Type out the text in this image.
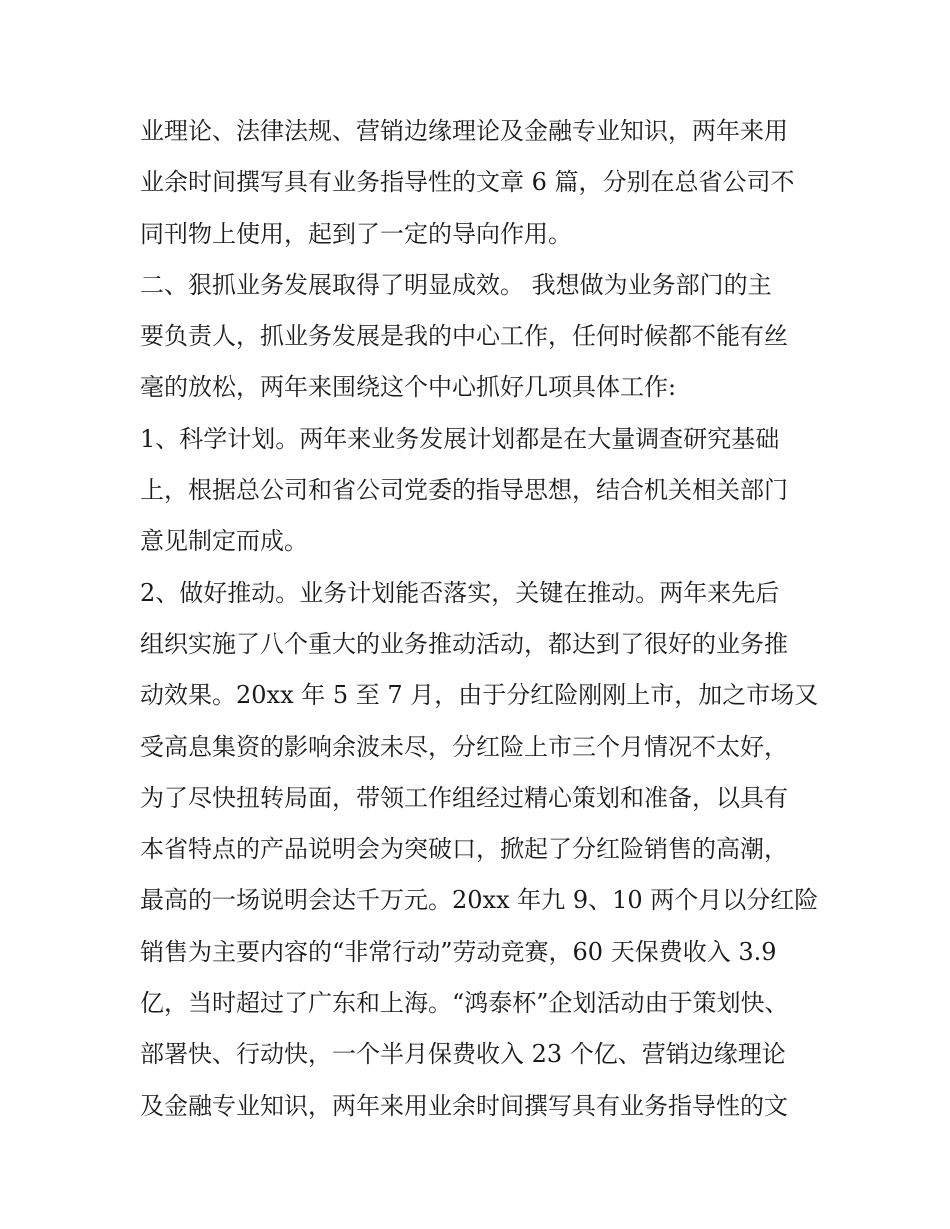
业理论、法律法规、营销边缘理论及金融专业知识，两年来用
业余时间撰写具有业务指导性的文章 6 篇，分别在总省公司不
同刊物上使用，起到了一定的导向作用。
二、狠抓业务发展取得了明显成效。 我想做为业务部门的主
要负责人，抓业务发展是我的中心工作，任何时候都不能有丝
毫的放松，两年来围绕这个中心抓好几项具体工作:
1、科学计划。两年来业务发展计划都是在大量调查研究基础
上，根据总公司和省公司党委的指导思想，结合机关相关部门
意见制定而成。
2、做好推动。业务计划能否落实，关键在推动。两年来先后
组织实施了八个重大的业务推动活动，都达到了很好的业务推
动效果。20xx 年 5 至 7 月，由于分红险刚刚上市，加之市场又
受高息集资的影响余波未尽，分红险上市三个月情况不太好，
为了尽快扭转局面，带领工作组经过精心策划和准备，以具有
本省特点的产品说明会为突破口，掀起了分红险销售的高潮，
最高的一场说明会达千万元。20xx 年九 9、10 两个月以分红险
销售为主要内容的“非常行动”劳动竞赛，60 天保费收入 3.9
亿，当时超过了广东和上海。“鸿泰杯”企划活动由于策划快、
部署快、行动快，一个半月保费收入 23 个亿、营销边缘理论
及金融专业知识，两年来用业余时间撰写具有业务指导性的文
